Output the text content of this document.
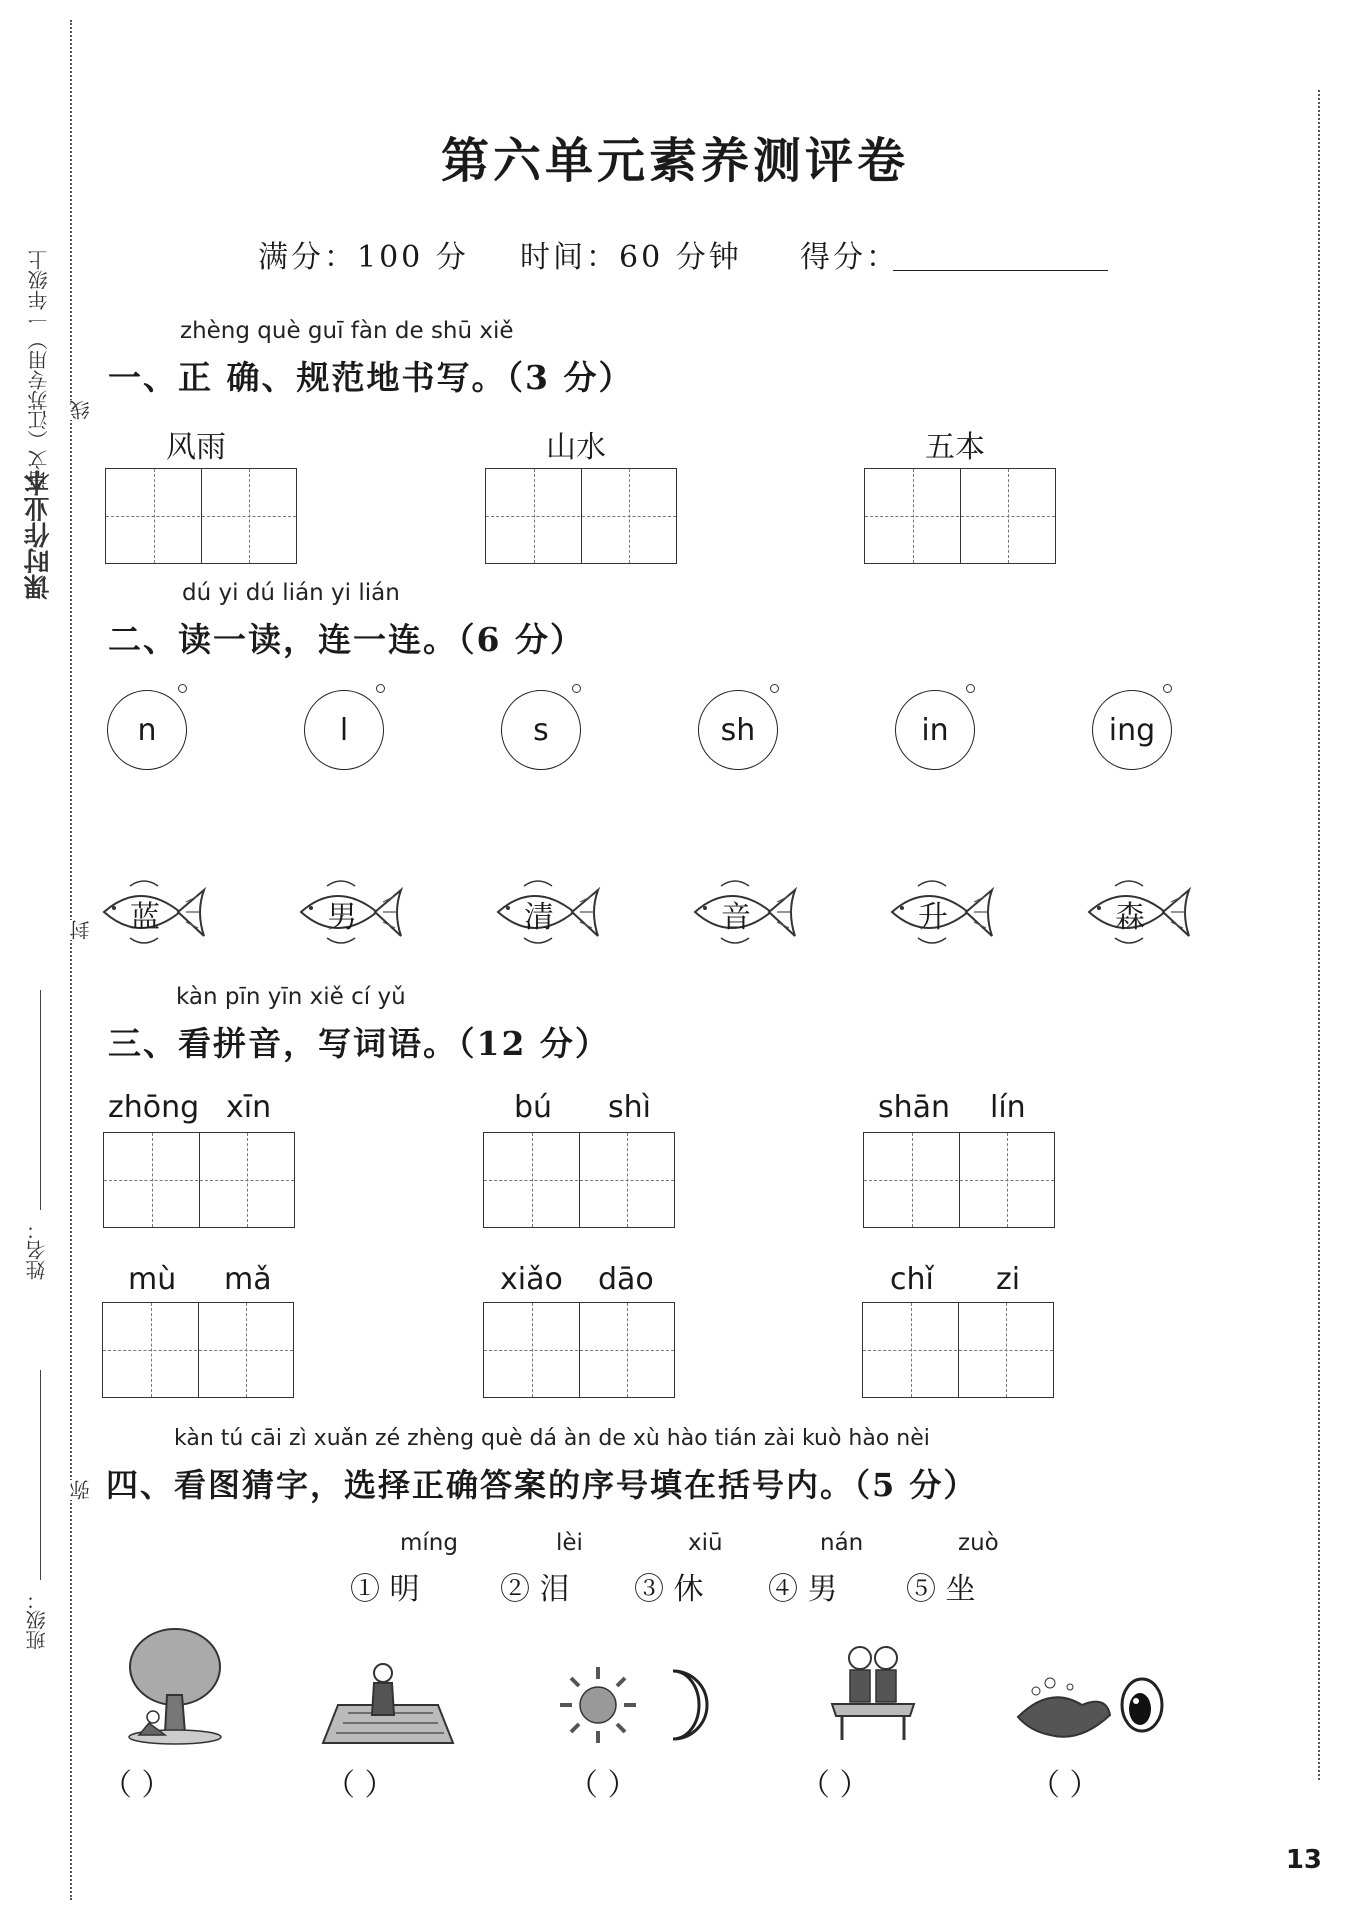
课时作业本
语文（江苏专用）一年级上 线
封
弥
姓名：
班级：
第六单元素养测评卷
满分：100 分 时间：60 分钟 得分：
zhèng què guī fàn de shū xiě
一、正 确、规范地书写。（3 分）
风雨	山水	五本
dú yi dú lián yi lián
二、读一读，连一连。（6 分）
n	l	s	sh	in	ing
蓝	男	清	音	升	森
kàn pīn yīn xiě cí yǔ
三、看拼音，写词语。（12 分）
zhōng xīn	bú shì	shān lín
mù mǎ	xiǎo dāo	chǐ zi
kàn tú cāi zì xuǎn zé zhèng què dá àn de xù hào tián zài kuò hào nèi
四、看图猜字，选择正确答案的序号填在括号内。（5 分）
míng
① 明
lèi
② 泪
xiū
③ 休
nán
④ 男
zuò
⑤ 坐
（ ）	（ ）	（ ）	（ ）	（ ）
13
